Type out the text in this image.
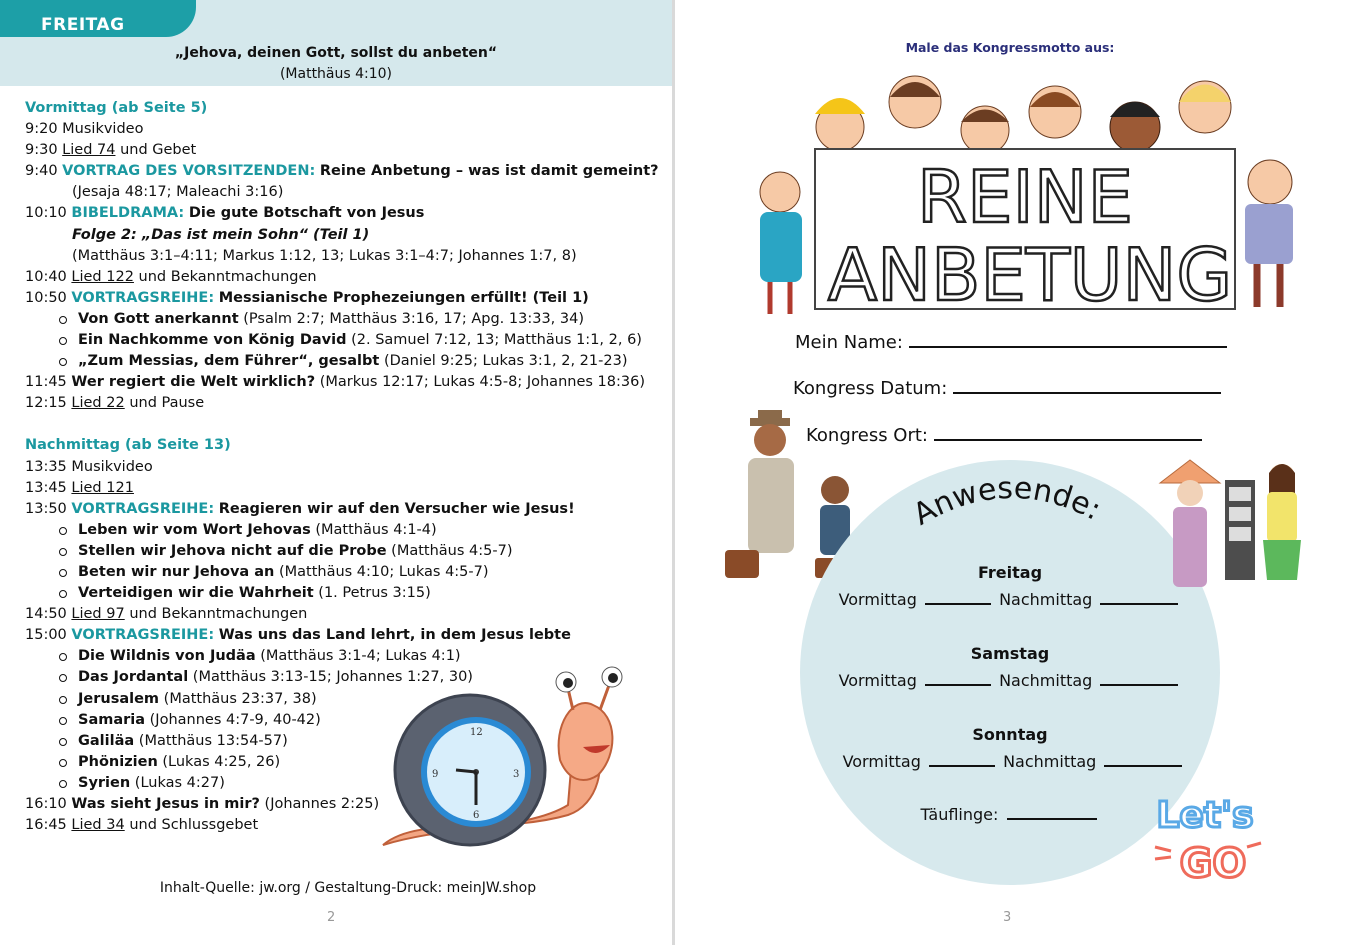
FREITAG
„Jehova, deinen Gott, sollst du anbeten“
(Matthäus 4:10)
Vormittag (ab Seite 5)
9:20 Musikvideo
9:30 Lied 74 und Gebet
9:40 VORTRAG DES VORSITZENDEN: Reine Anbetung – was ist damit gemeint?
(Jesaja 48:17; Maleachi 3:16)
10:10 BIBELDRAMA: Die gute Botschaft von Jesus
Folge 2: „Das ist mein Sohn“ (Teil 1)
(Matthäus 3:1–4:11; Markus 1:12, 13; Lukas 3:1–4:7; Johannes 1:7, 8)
10:40 Lied 122 und Bekanntmachungen
10:50 VORTRAGSREIHE: Messianische Prophezeiungen erfüllt! (Teil 1)
Von Gott anerkannt (Psalm 2:7; Matthäus 3:16, 17; Apg. 13:33, 34)
Ein Nachkomme von König David (2. Samuel 7:12, 13; Matthäus 1:1, 2, 6)
„Zum Messias, dem Führer“, gesalbt (Daniel 9:25; Lukas 3:1, 2, 21-23)
11:45 Wer regiert die Welt wirklich? (Markus 12:17; Lukas 4:5-8; Johannes 18:36)
12:15 Lied 22 und Pause
Nachmittag (ab Seite 13)
13:35 Musikvideo
13:45 Lied 121
13:50 VORTRAGSREIHE: Reagieren wir auf den Versucher wie Jesus!
Leben wir vom Wort Jehovas (Matthäus 4:1-4)
Stellen wir Jehova nicht auf die Probe (Matthäus 4:5-7)
Beten wir nur Jehova an (Matthäus 4:10; Lukas 4:5-7)
Verteidigen wir die Wahrheit (1. Petrus 3:15)
14:50 Lied 97 und Bekanntmachungen
15:00 VORTRAGSREIHE: Was uns das Land lehrt, in dem Jesus lebte
Die Wildnis von Judäa (Matthäus 3:1-4; Lukas 4:1)
Das Jordantal (Matthäus 3:13-15; Johannes 1:27, 30)
Jerusalem (Matthäus 23:37, 38)
Samaria (Johannes 4:7-9, 40-42)
Galiläa (Matthäus 13:54-57)
Phönizien (Lukas 4:25, 26)
Syrien (Lukas 4:27)
16:10 Was sieht Jesus in mir? (Johannes 2:25)
16:45 Lied 34 und Schlussgebet
12
3
6
9
Inhalt-Quelle: jw.org / Gestaltung-Druck: meinJW.shop
2
Male das Kongressmotto aus:
REINE
ANBETUNG
Mein Name:
Kongress Datum:
Kongress Ort:
Anwesende:
Freitag
Vormittag	Nachmittag
Samstag
Vormittag	Nachmittag
Sonntag
Vormittag	Nachmittag
Täuflinge:	Let's
GO
3
